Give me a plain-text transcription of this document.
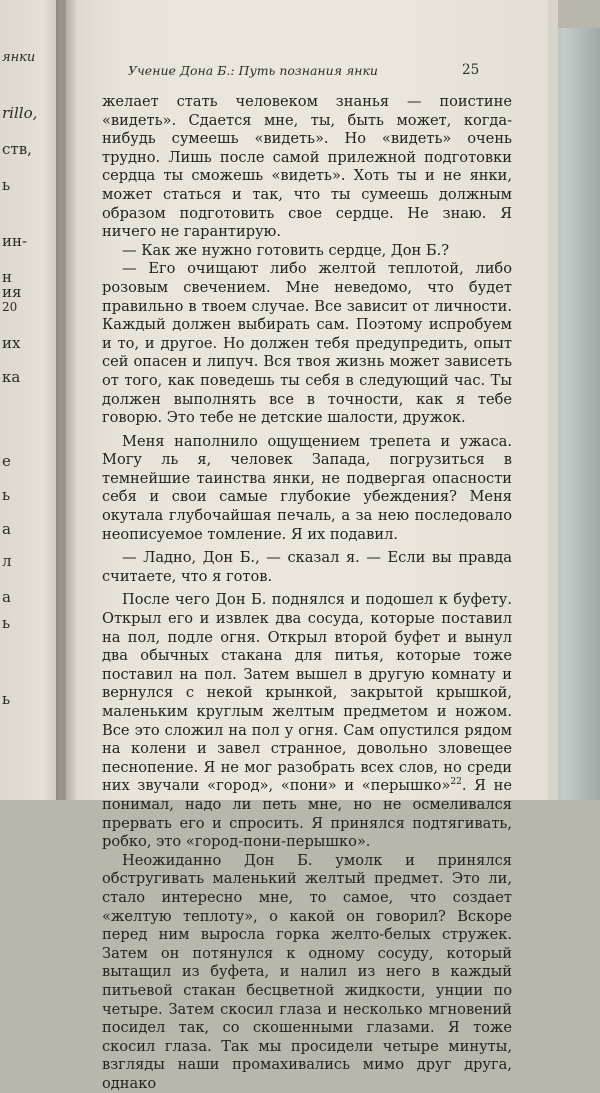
янки
rillo,
ств,
ь
ин-
н
ия
20
их
ка
е
ь
а
л
а
ь
ь
Учение Дона Б.: Путь познания янки	25

желает стать человеком знанья — поистине «видеть». Сдается мне, ты, быть может, когда-нибудь сумеешь «видеть». Но «видеть» очень трудно. Лишь после самой прилежной подготовки сердца ты сможешь «видеть». Хоть ты и не янки, может статься и так, что ты сумеешь должным образом подготовить свое сердце. Не знаю. Я ничего не гарантирую.

— Как же нужно готовить сердце, Дон Б.?

— Его очищают либо желтой теплотой, либо розовым свечением. Мне неведомо, что будет правильно в твоем случае. Все зависит от личности. Каждый должен выбирать сам. Поэтому испробуем и то, и другое. Но должен тебя предупредить, опыт сей опасен и липуч. Вся твоя жизнь может зависеть от того, как поведешь ты себя в следующий час. Ты должен выполнять все в точности, как я тебе говорю. Это тебе не детские шалости, дружок.

Меня наполнило ощущением трепета и ужаса. Могу ль я, человек Запада, погрузиться в темнейшие таинства янки, не подвергая опасности себя и свои самые глубокие убеждения? Меня окутала глубочайшая печаль, а за нею последовало неописуемое томление. Я их подавил.

— Ладно, Дон Б., — сказал я. — Если вы правда считаете, что я готов.

После чего Дон Б. поднялся и подошел к буфету. Открыл его и извлек два сосуда, которые поставил на пол, подле огня. Открыл второй буфет и вынул два обычных стакана для питья, которые тоже поставил на пол. Затем вышел в другую комнату и вернулся с некой крынкой, закрытой крышкой, маленьким круглым желтым предметом и ножом. Все это сложил на пол у огня. Сам опустился рядом на колени и завел странное, довольно зловещее песнопение. Я не мог разобрать всех слов, но среди них звучали «город», «пони» и «перышко»$^{22}$. Я не понимал, надо ли петь мне, но не осмеливался прервать его и спросить. Я принялся подтягивать, робко, это «город-пони-перышко».

Неожиданно Дон Б. умолк и принялся обстругивать маленький желтый предмет. Это ли, стало интересно мне, то самое, что создает «желтую теплоту», о какой он говорил? Вскоре перед ним выросла горка желто-белых стружек. Затем он потянулся к одному сосуду, который вытащил из буфета, и налил из него в каждый питьевой стакан бесцветной жидкости, унции по четыре. Затем скосил глаза и несколько мгновений посидел так, со скошенными глазами. Я тоже скосил глаза. Так мы просидели четыре минуты, взгляды наши промахивались мимо друг друга, однако
